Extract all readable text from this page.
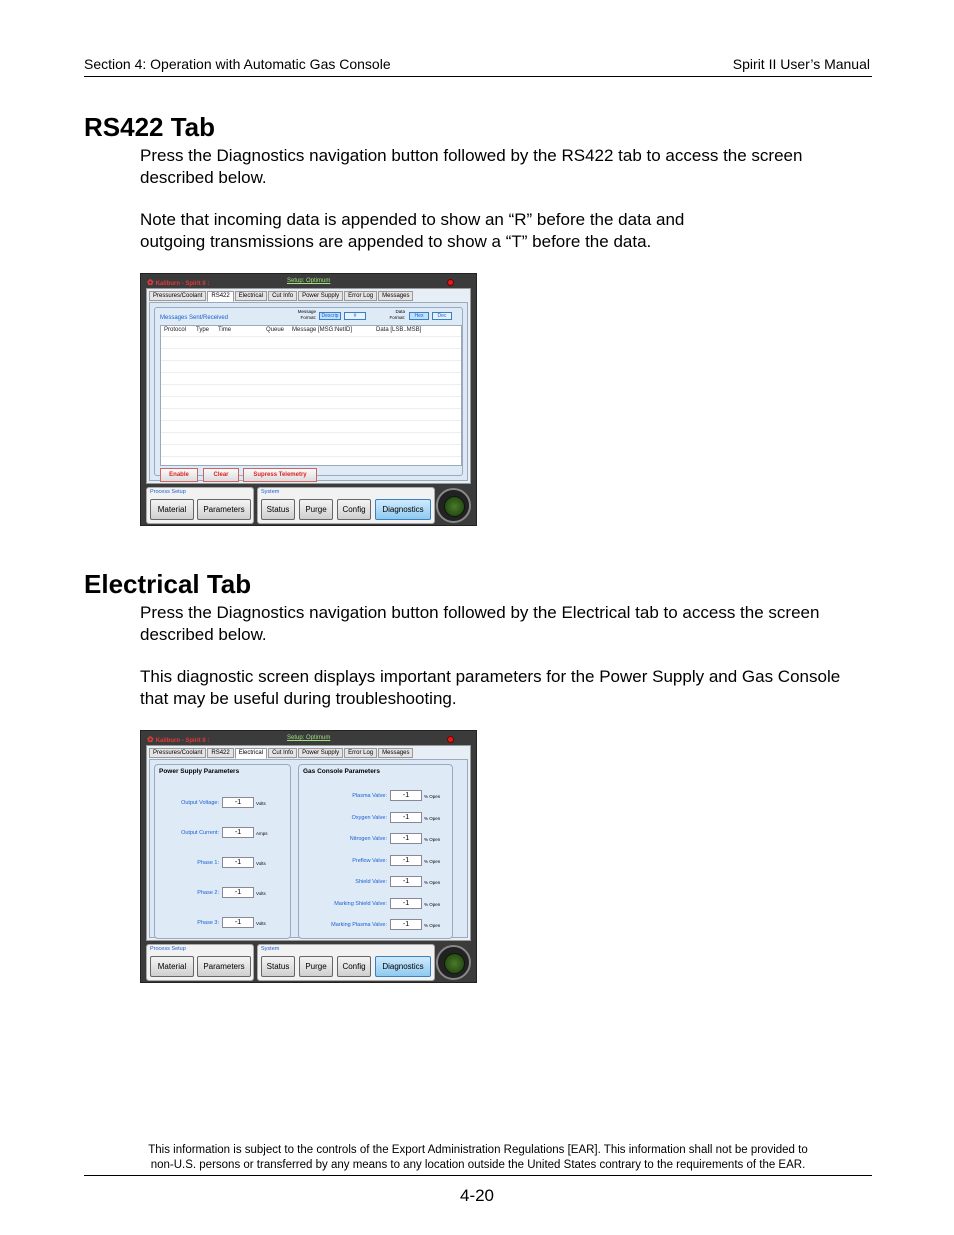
Section 4: Operation with Automatic Gas Console	Spirit II User’s Manual
RS422 Tab

Press the Diagnostics navigation button followed by the RS422 tab to access the screen described below.

Note that incoming data is appended to show an “R” before the data and
outgoing transmissions are appended to show a “T” before the data.

✿ Kaliburn - Spirit II :	Setup: Optimum
Pressures/Coolant	RS422	Electrical	Cut Info	Power Supply	Error Log	Messages
Messages Sent/Received
Message Format:	Descrip	#
Data Format:	Hex	Dec
Protocol Type Time	Queue Message [MSG:NetID]	Data [LSB..MSB]
Enable	Clear	Supress Telemetry
Process Setup
Material	Parameters
System
Status	Purge	Config	Diagnostics
Electrical Tab

Press the Diagnostics navigation button followed by the Electrical tab to access the screen described below.

This diagnostic screen displays important parameters for the Power Supply and Gas Console that may be useful during troubleshooting.

✿ Kaliburn - Spirit II :	Setup: Optimum
Pressures/Coolant	RS422	Electrical	Cut Info	Power Supply	Error Log	Messages
Power Supply Parameters
Output Voltage:	-1	Volts
Output Current:	-1	Amps
Phase 1:	-1	Volts
Phase 2:	-1	Volts
Phase 3:	-1	Volts
Gas Console Parameters
Plasma Valve:	-1	% Open
Oxygen Valve:	-1	% Open
Nitrogen Valve:	-1	% Open
Preflow Valve:	-1	% Open
Shield Valve:	-1	% Open
Marking Shield Valve:	-1	% Open
Marking Plasma Valve:	-1	% Open
Process Setup
Material	Parameters
System
Status	Purge	Config	Diagnostics
This information is subject to the controls of the Export Administration Regulations [EAR]. This information shall not be provided to
non-U.S. persons or transferred by any means to any location outside the United States contrary to the requirements of the EAR.
4-20
